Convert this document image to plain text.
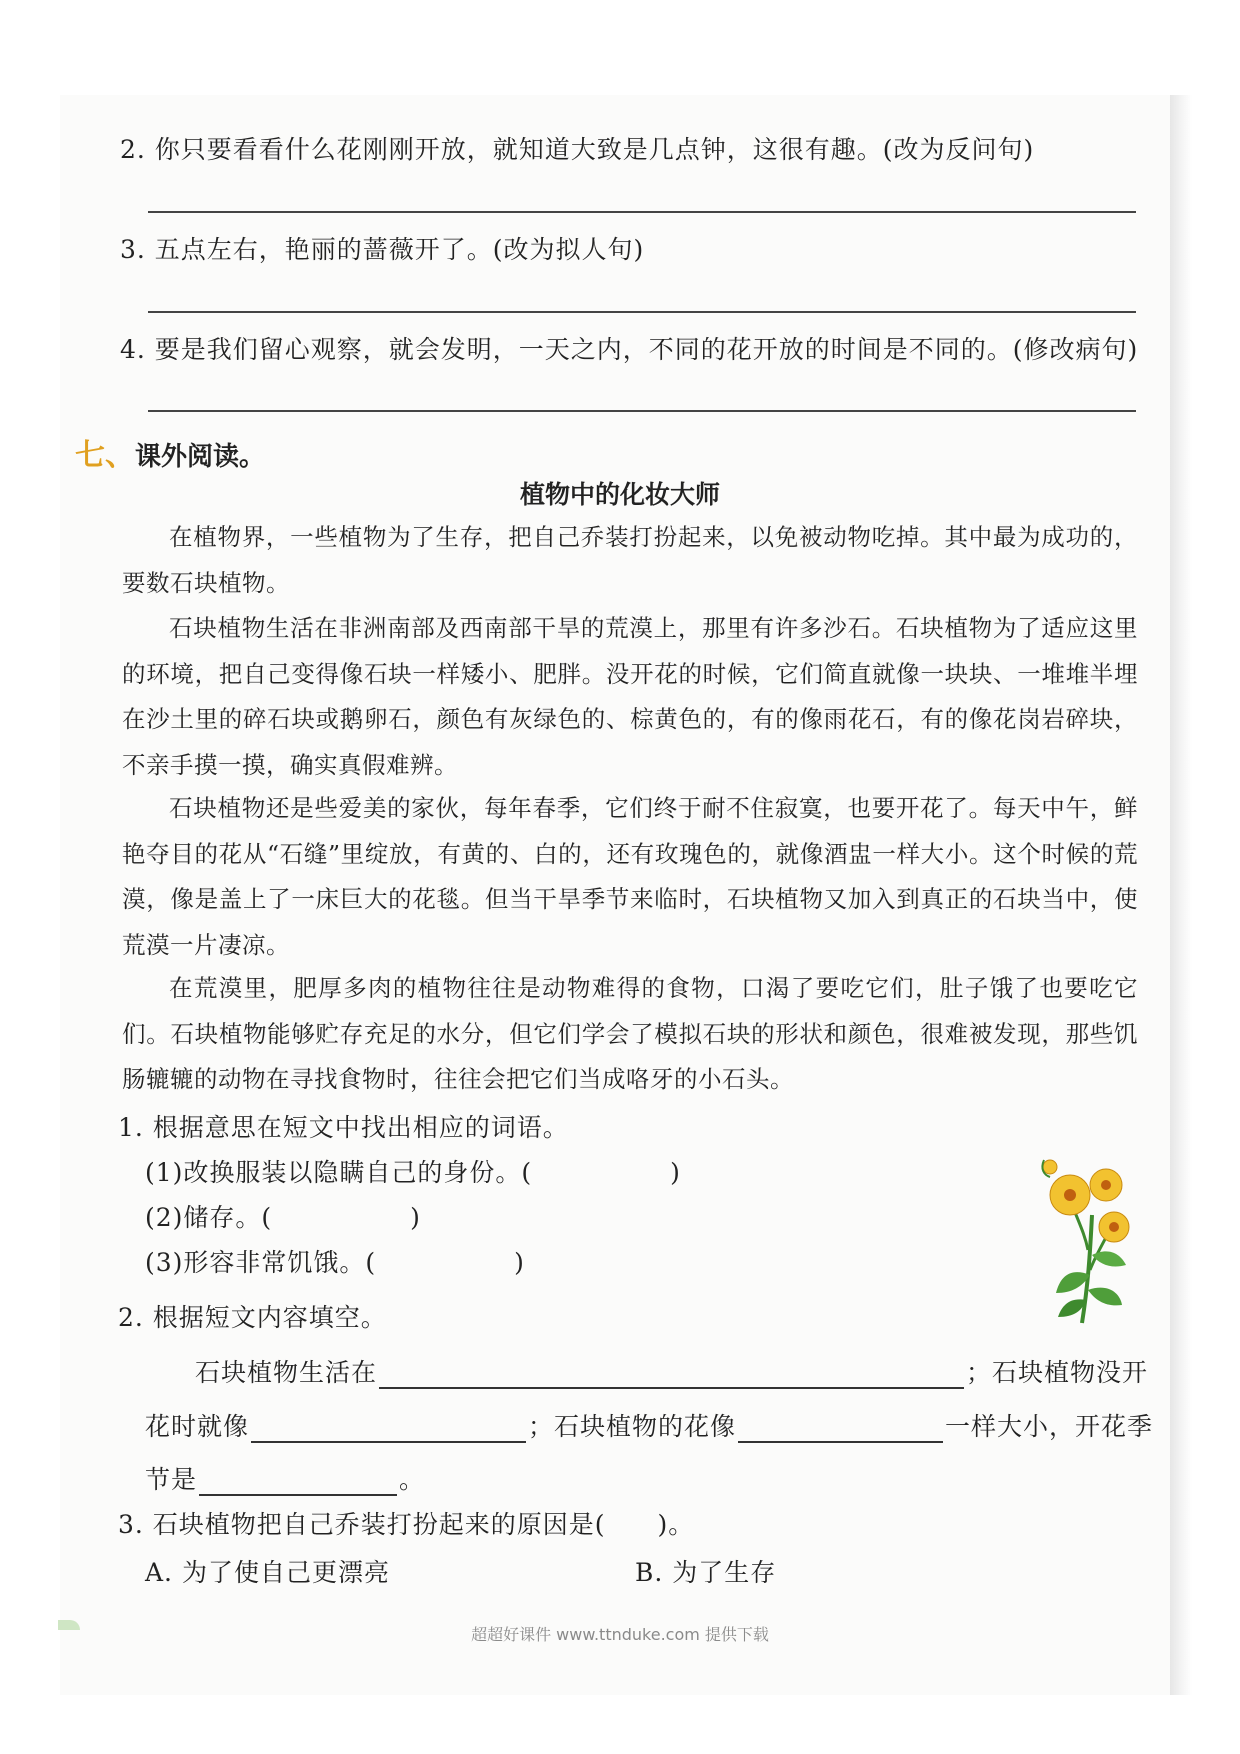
2. 你只要看看什么花刚刚开放，就知道大致是几点钟，这很有趣。(改为反问句)
3. 五点左右，艳丽的蔷薇开了。(改为拟人句)
4. 要是我们留心观察，就会发明，一天之内，不同的花开放的时间是不同的。(修改病句)
七、课外阅读。
植物中的化妆大师

在植物界，一些植物为了生存，把自己乔装打扮起来，以免被动物吃掉。其中最为成功的，要数石块植物。

石块植物生活在非洲南部及西南部干旱的荒漠上，那里有许多沙石。石块植物为了适应这里的环境，把自己变得像石块一样矮小、肥胖。没开花的时候，它们简直就像一块块、一堆堆半埋在沙土里的碎石块或鹅卵石，颜色有灰绿色的、棕黄色的，有的像雨花石，有的像花岗岩碎块，不亲手摸一摸，确实真假难辨。

石块植物还是些爱美的家伙，每年春季，它们终于耐不住寂寞，也要开花了。每天中午，鲜艳夺目的花从“石缝”里绽放，有黄的、白的，还有玫瑰色的，就像酒盅一样大小。这个时候的荒漠，像是盖上了一床巨大的花毯。但当干旱季节来临时，石块植物又加入到真正的石块当中，使荒漠一片凄凉。

在荒漠里，肥厚多肉的植物往往是动物难得的食物，口渴了要吃它们，肚子饿了也要吃它们。石块植物能够贮存充足的水分，但它们学会了模拟石块的形状和颜色，很难被发现，那些饥肠辘辘的动物在寻找食物时，往往会把它们当成咯牙的小石头。

1. 根据意思在短文中找出相应的词语。
(1)改换服装以隐瞒自己的身份。(	)
(2)储存。(	)
(3)形容非常饥饿。(	)
2. 根据短文内容填空。
石块植物生活在	；石块植物没开
花时就像	；石块植物的花像	一样大小，开花季
节是	。
3. 石块植物把自己乔装打扮起来的原因是(　　)。
A. 为了使自己更漂亮	B. 为了生存
超超好课件 www.ttnduke.com 提供下载
